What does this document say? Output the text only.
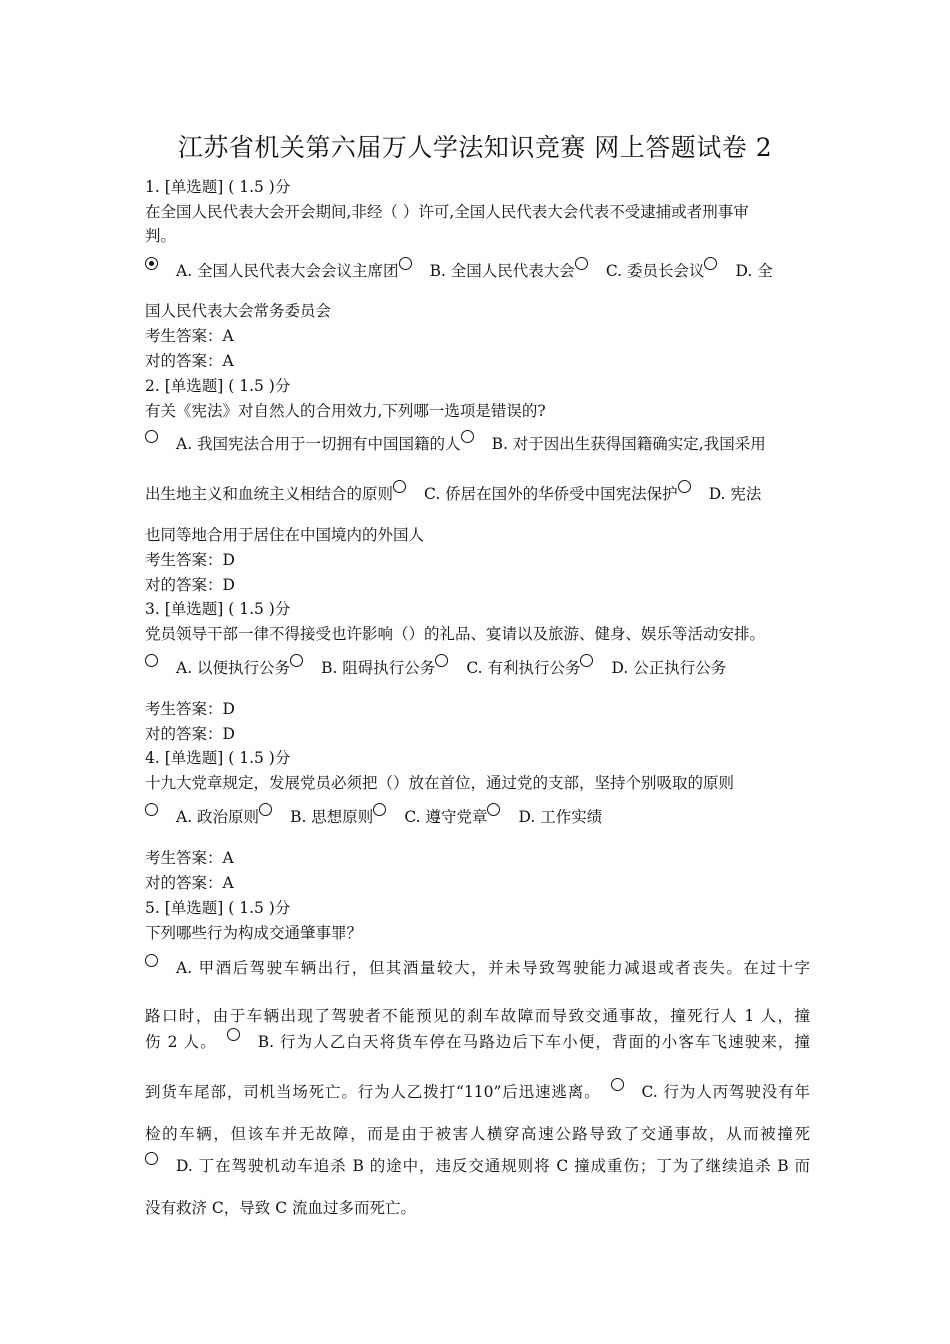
江苏省机关第六届万人学法知识竞赛 网上答题试卷 2
1. [单选题] ( 1.5 )分
在全国人民代表大会开会期间,非经（ ）许可,全国人民代表大会代表不受逮捕或者刑事审
判。
A. 全国人民代表大会会议主席团 B. 全国人民代表大会 C. 委员长会议 D. 全
国人民代表大会常务委员会
考生答案：A
对的答案：A
2. [单选题] ( 1.5 )分
有关《宪法》对自然人的合用效力,下列哪一选项是错误的?
A. 我国宪法合用于一切拥有中国国籍的人 B. 对于因出生获得国籍确实定,我国采用
出生地主义和血统主义相结合的原则 C. 侨居在国外的华侨受中国宪法保护 D. 宪法
也同等地合用于居住在中国境内的外国人
考生答案：D
对的答案：D
3. [单选题] ( 1.5 )分
党员领导干部一律不得接受也许影响（）的礼品、宴请以及旅游、健身、娱乐等活动安排。
A. 以便执行公务 B. 阻碍执行公务 C. 有利执行公务 D. 公正执行公务
考生答案：D
对的答案：D
4. [单选题] ( 1.5 )分
十九大党章规定，发展党员必须把（）放在首位，通过党的支部，坚持个别吸取的原则
A. 政治原则 B. 思想原则 C. 遵守党章 D. 工作实绩
考生答案：A
对的答案：A
5. [单选题] ( 1.5 )分
下列哪些行为构成交通肇事罪？
A. 甲酒后驾驶车辆出行，但其酒量较大，并未导致驾驶能力减退或者丧失。在过十字
路口时，由于车辆出现了驾驶者不能预见的刹车故障而导致交通事故，撞死行人 1 人，撞
伤 2 人。	B. 行为人乙白天将货车停在马路边后下车小便，背面的小客车飞速驶来，撞
到货车尾部，司机当场死亡。行为人乙拨打“110”后迅速逃离。	C. 行为人丙驾驶没有年
检的车辆，但该车并无故障，而是由于被害人横穿高速公路导致了交通事故，从而被撞死
D. 丁在驾驶机动车追杀 B 的途中，违反交通规则将 C 撞成重伤；丁为了继续追杀 B 而
没有救济 C，导致 C 流血过多而死亡。
